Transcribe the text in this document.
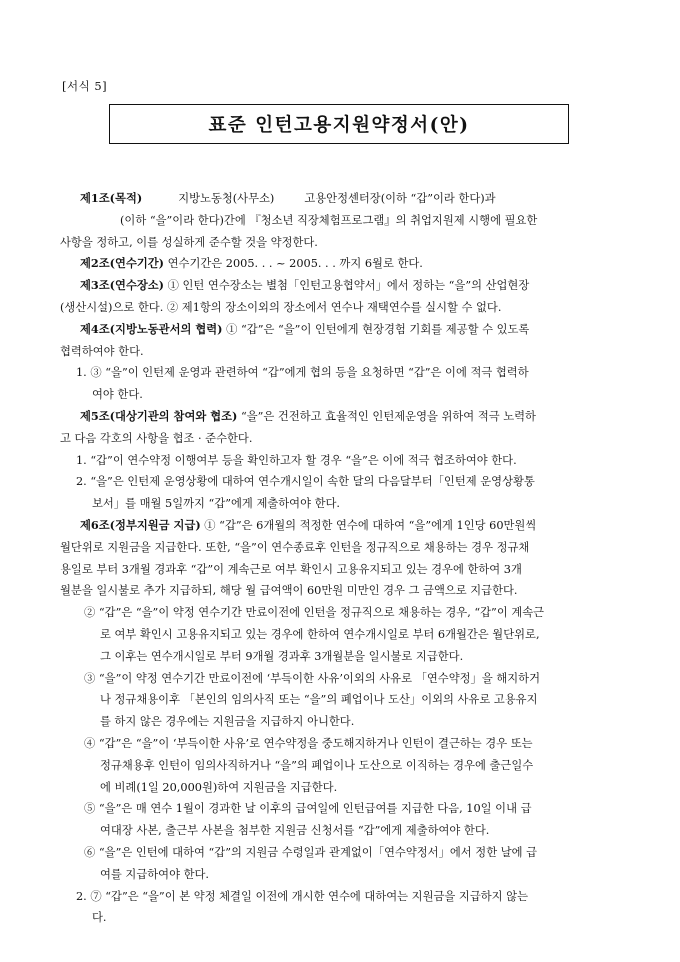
[서식 5]
표준 인턴고용지원약정서(안)
제1조(목적)	지방노동청(사무소)	고용안정센터장(이하 “갑”이라 한다)과
(이하 “을”이라 한다)간에 『청소년 직장체험프로그램』의 취업지원제 시행에 필요한
사항을 정하고, 이를 성실하게 준수할 것을 약정한다.
제2조(연수기간) 연수기간은 2005. . . ~ 2005. . . 까지 6월로 한다.
제3조(연수장소) ① 인턴 연수장소는 별첨「인턴고용협약서」에서 정하는 “을”의 산업현장
(생산시설)으로 한다. ② 제1항의 장소이외의 장소에서 연수나 재택연수를 실시할 수 없다.
제4조(지방노동관서의 협력) ① “갑”은 “을”이 인턴에게 현장경험 기회를 제공할 수 있도록
협력하여야 한다.
1. ③ “을”이 인턴제 운영과 관련하여 “갑”에게 협의 등을 요청하면 “갑”은 이에 적극 협력하
여야 한다.
제5조(대상기관의 참여와 협조) “을”은 건전하고 효율적인 인턴제운영을 위하여 적극 노력하
고 다음 각호의 사항을 협조 · 준수한다.
1. “갑”이 연수약정 이행여부 등을 확인하고자 할 경우 “을”은 이에 적극 협조하여야 한다.
2. “을”은 인턴제 운영상황에 대하여 연수개시일이 속한 달의 다음달부터「인턴제 운영상황통
보서」를 매월 5일까지 “갑”에게 제출하여야 한다.
제6조(정부지원금 지급) ① “갑”은 6개월의 적정한 연수에 대하여 “을”에게 1인당 60만원씩
월단위로 지원금을 지급한다. 또한, “을”이 연수종료후 인턴을 정규직으로 채용하는 경우 정규채
용일로 부터 3개월 경과후 “갑”이 계속근로 여부 확인시 고용유지되고 있는 경우에 한하여 3개
월분을 일시불로 추가 지급하되, 해당 월 급여액이 60만원 미만인 경우 그 금액으로 지급한다.
② “갑”은 “을”이 약정 연수기간 만료이전에 인턴을 정규직으로 채용하는 경우, “갑”이 계속근
로 여부 확인시 고용유지되고 있는 경우에 한하여 연수개시일로 부터 6개월간은 월단위로,
그 이후는 연수개시일로 부터 9개월 경과후 3개월분을 일시불로 지급한다.
③ “을”이 약정 연수기간 만료이전에 ‘부득이한 사유’이외의 사유로 「연수약정」을 해지하거
나 정규채용이후 「본인의 임의사직 또는 “을”의 폐업이나 도산」이외의 사유로 고용유지
를 하지 않은 경우에는 지원금을 지급하지 아니한다.
④ “갑”은 “을”이 ‘부득이한 사유’로 연수약정을 중도해지하거나 인턴이 결근하는 경우 또는
정규채용후 인턴이 임의사직하거나 “을”의 폐업이나 도산으로 이직하는 경우에 출근일수
에 비례(1일 20,000원)하여 지원금을 지급한다.
⑤ “을”은 매 연수 1월이 경과한 날 이후의 급여일에 인턴급여를 지급한 다음, 10일 이내 급
여대장 사본, 출근부 사본을 첨부한 지원금 신청서를 “갑”에게 제출하여야 한다.
⑥ “을”은 인턴에 대하여 “갑”의 지원금 수령일과 관계없이「연수약정서」에서 정한 날에 급
여를 지급하여야 한다.
2. ⑦ “갑”은 “을”이 본 약정 체결일 이전에 개시한 연수에 대하여는 지원금을 지급하지 않는
다.
